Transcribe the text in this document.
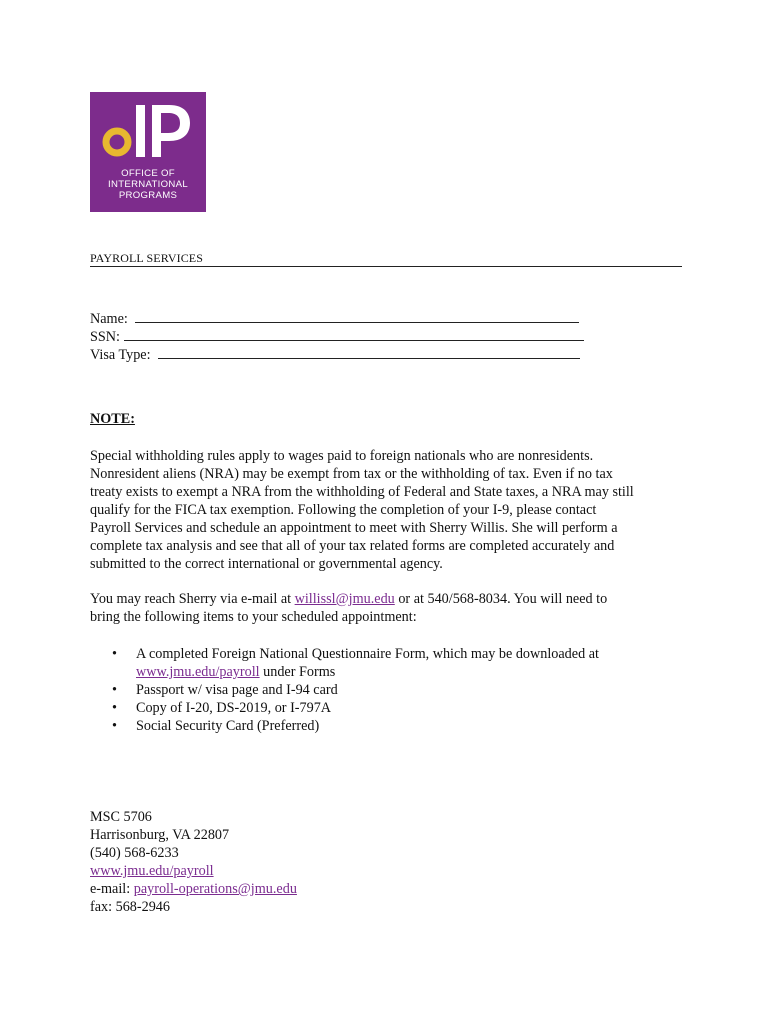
OFFICE OF
INTERNATIONAL
PROGRAMS
PAYROLL SERVICES
Name:
SSN:
Visa Type:
NOTE:

Special withholding rules apply to wages paid to foreign nationals who are nonresidents.

Nonresident aliens (NRA) may be exempt from tax or the withholding of tax. Even if no tax

treaty exists to exempt a NRA from the withholding of Federal and State taxes, a NRA may still

qualify for the FICA tax exemption. Following the completion of your I-9, please contact

Payroll Services and schedule an appointment to meet with Sherry Willis. She will perform a

complete tax analysis and see that all of your tax related forms are completed accurately and

submitted to the correct international or governmental agency.

You may reach Sherry via e-mail at willissl@jmu.edu or at 540/568-8034. You will need to

bring the following items to your scheduled appointment:

• A completed Foreign National Questionnaire Form, which may be downloaded at
www.jmu.edu/payroll under Forms
• Passport w/ visa page and I-94 card
• Copy of I-20, DS-2019, or I-797A
• Social Security Card (Preferred)
MSC 5706
Harrisonburg, VA 22807
(540) 568-6233
www.jmu.edu/payroll
e-mail: payroll-operations@jmu.edu
fax: 568-2946
